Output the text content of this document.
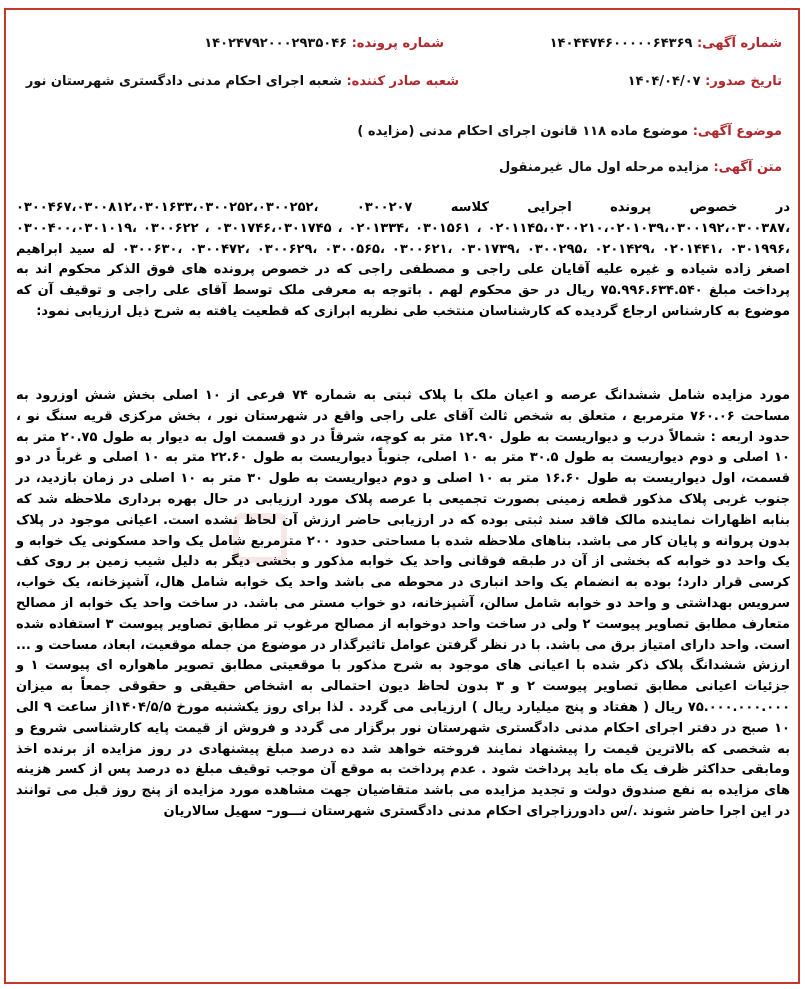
شماره آگهی: ۱۴۰۴۴۷۴۶۰۰۰۰۰۶۴۳۶۹
شماره پرونده: ۱۴۰۲۴۷۹۲۰۰۰۲۹۳۵۰۴۶
تاریخ صدور: ۱۴۰۴/۰۴/۰۷
شعبه صادر کننده: شعبه اجرای احکام مدنی دادگستری شهرستان نور
موضوع آگهی: موضوع ماده ۱۱۸ قانون اجرای احکام مدنی (مزایده )
متن آگهی: مزایده مرحله اول مال غیرمنقول
در خصوص پرونده اجرایی کلاسه ۰۳۰۰۲۰۷ ،۰۳۰۰۴۶۷،۰۳۰۰۸۱۲،۰۳۰۱۶۳۳،۰۳۰۰۲۵۲،۰۳۰۰۲۵۲ ،۰۲۰۱۱۴۵،۰۳۰۰۲۱۰،۰۲۰۱۰۳۹،۰۳۰۰۱۹۲،۰۳۰۰۳۸۷ ، ۰۳۰۱۵۶۱ ،۰۲۰۱۳۳۴ ، ۰۳۰۱۷۴۶،۰۳۰۱۷۴۵ ، ۰۳۰۰۶۲۲ ،۰۳۰۰۴۰۰،۰۳۰۱۰۱۹ ،۰۳۰۱۹۹۶ ،۰۲۰۱۴۴۱ ،۰۲۰۱۴۲۹ ،۰۳۰۰۲۹۵ ،۰۳۰۱۷۳۹ ،۰۳۰۰۶۲۱ ،۰۳۰۰۵۶۵ ،۰۳۰۰۶۲۹ ،۰۳۰۰۴۷۲ ،۰۳۰۰۶۳۰ له سید ابراهیم اصغر زاده شیاده و غیره علیه آقایان علی راجی و مصطفی راجی که در خصوص پرونده های فوق الذکر محکوم اند به پرداخت مبلغ ۷۵.۹۹۶.۶۳۴.۵۴۰ ریال در حق محکوم لهم . باتوجه به معرفی ملک توسط آقای علی راجی و توقیف آن که موضوع به کارشناس ارجاع گردیده که کارشناسان منتخب طی نظریه ابرازی که قطعیت یافته به شرح ذیل ارزیابی نمود:
مورد مزایده شامل ششدانگ عرصه و اعیان ملک با پلاک ثبتی به شماره ۷۴ فرعی از ۱۰ اصلی بخش شش اوزرود به مساحت ۷۶۰.۰۶ مترمربع ، متعلق به شخص ثالث آقای علی راجی واقع در شهرستان نور ، بخش مرکزی قریه سنگ نو ، حدود اربعه : شمالاً درب و دیواریست به طول ۱۲.۹۰ متر به کوچه، شرقاً در دو قسمت اول به دیوار به طول ۲۰.۷۵ متر به ۱۰ اصلی و دوم دیواریست به طول ۳۰.۵ متر به ۱۰ اصلی، جنوباً دیواریست به طول ۲۲.۶۰ متر به ۱۰ اصلی و غرباً در دو قسمت، اول دیواریست به طول ۱۶.۶۰ متر به ۱۰ اصلی و دوم دیواریست به طول ۳۰ متر به ۱۰ اصلی در زمان بازدید، در جنوب غربی پلاک مذکور قطعه زمینی بصورت تجمیعی با عرصه پلاک مورد ارزیابی در حال بهره برداری ملاحظه شد که بنابه اظهارات نماینده مالک فاقد سند ثبتی بوده که در ارزیابی حاضر ارزش آن لحاظ نشده است. اعیانی موجود در پلاک بدون پروانه و پایان کار می باشد. بناهای ملاحظه شده با مساحتی حدود ۲۰۰ مترمربع شامل یک واحد مسکونی یک خوابه و یک واحد دو خوابه که بخشی از آن در طبقه فوقانی واحد یک خوابه مذکور و بخشی دیگر به دلیل شیب زمین بر روی کف کرسی قرار دارد؛ بوده به انضمام یک واحد انباری در محوطه می باشد واحد یک خوابه شامل هال، آشپزخانه، یک خواب، سرویس بهداشتی و واحد دو خوابه شامل سالن، آشپزخانه، دو خواب مستر می باشد. در ساخت واحد یک خوابه از مصالح متعارف مطابق تصاویر پیوست ۲ ولی در ساخت واحد دوخوابه از مصالح مرغوب تر مطابق تصاویر پیوست ۳ استفاده شده است. واحد دارای امتیاز برق می باشد. با در نظر گرفتن عوامل تاثیرگذار در موضوع من جمله موقعیت، ابعاد، مساحت و ... ارزش ششدانگ پلاک ذکر شده با اعیانی های موجود به شرح مذکور با موقعیتی مطابق تصویر ماهواره ای پیوست ۱ و جزئیات اعیانی مطابق تصاویر پیوست ۲ و ۳ بدون لحاظ دیون احتمالی به اشخاص حقیقی و حقوقی جمعاً به میزان ۷۵.۰۰۰.۰۰۰.۰۰۰ ریال ( هفتاد و پنج میلیارد ریال ) ارزیابی می گردد . لذا برای روز یکشنبه مورخ ۱۴۰۴/۵/۵از ساعت ۹ الی ۱۰ صبح در دفتر اجرای احکام مدنی دادگستری شهرستان نور برگزار می گردد و فروش از قیمت پایه کارشناسی شروع و به شخصی که بالاترین قیمت را پیشنهاد نمایند فروخته خواهد شد ده درصد مبلغ پیشنهادی در روز مزایده از برنده اخذ ومابقی حداکثر ظرف یک ماه باید پرداخت شود . عدم پرداخت به موقع آن موجب توقیف مبلغ ده درصد پس از کسر هزینه های مزایده به نفع صندوق دولت و تجدید مزایده می باشد متقاضیان جهت مشاهده مورد مزایده از پنج روز قبل می توانند در این اجرا حاضر شوند ./س دادورزاجرای احکام مدنی دادگستری شهرستان نـــور– سهیل سالاریان
